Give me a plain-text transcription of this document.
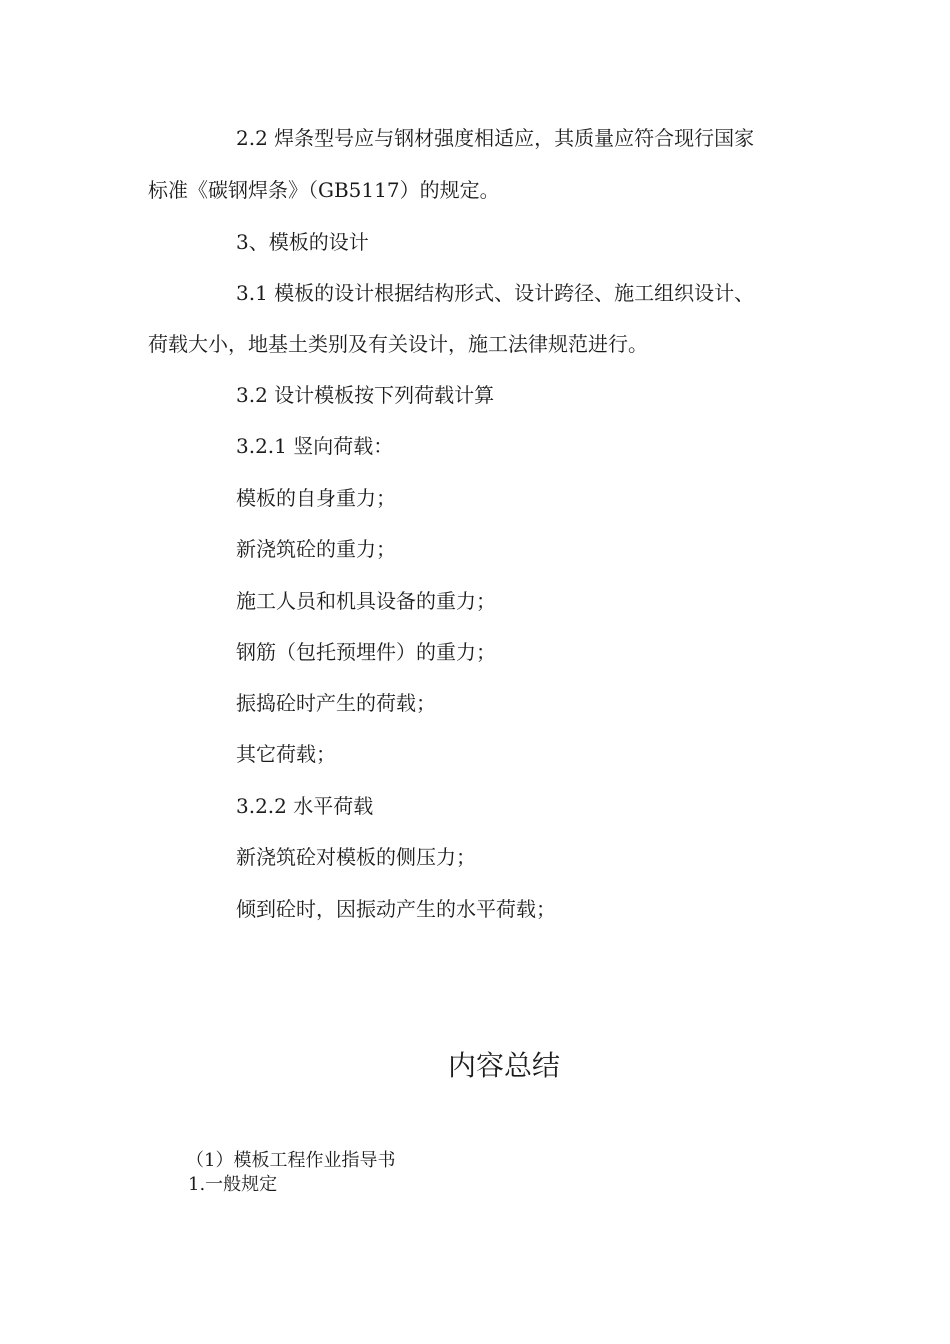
2.2 焊条型号应与钢材强度相适应，其质量应符合现行国家
标准《碳钢焊条》（GB5117）的规定。
3、模板的设计
3.1 模板的设计根据结构形式、设计跨径、施工组织设计、
荷载大小，地基土类别及有关设计，施工法律规范进行。
3.2 设计模板按下列荷载计算
3.2.1 竖向荷载：
模板的自身重力；
新浇筑砼的重力；
施工人员和机具设备的重力；
钢筋（包托预埋件）的重力；
振捣砼时产生的荷载；
其它荷载；
3.2.2 水平荷载
新浇筑砼对模板的侧压力；
倾到砼时，因振动产生的水平荷载；
内容总结
（1）模板工程作业指导书
1.一般规定
